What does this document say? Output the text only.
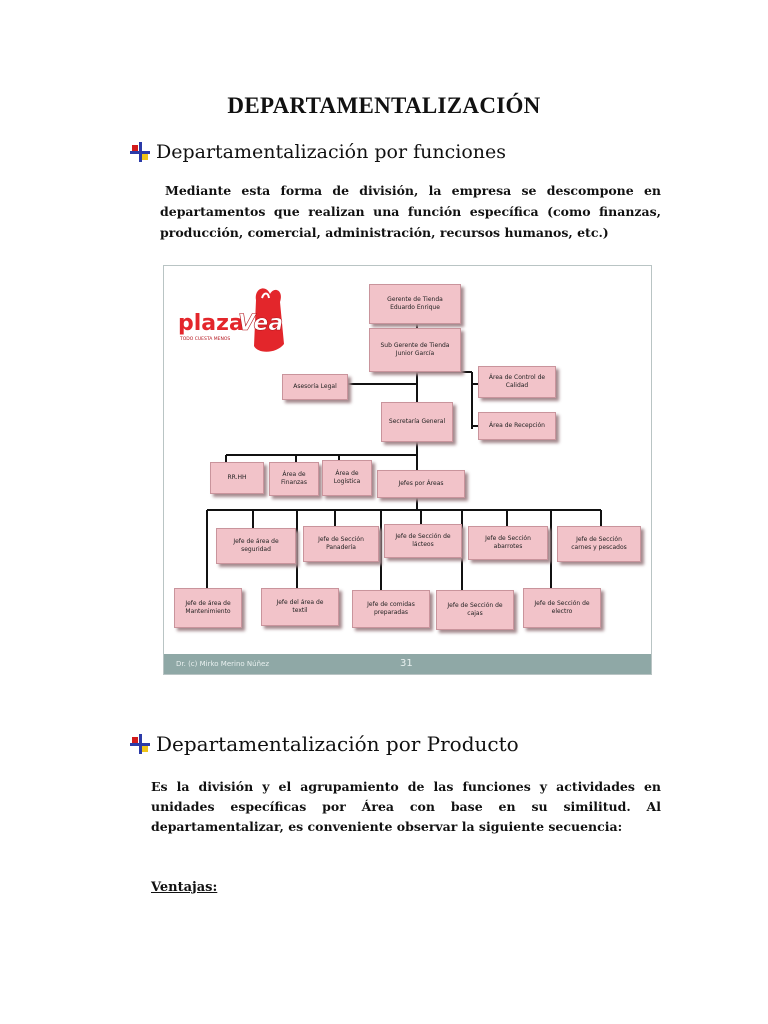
DEPARTAMENTALIZACIÓN
Departamentalización por funciones
Mediante esta forma de división, la empresa se descompone en departamentos que realizan una función específica (como finanzas, producción, comercial, administración, recursos humanos, etc.)
plaza
Vea
TODO CUESTA MENOS
Gerente de Tienda
Eduardo Enrique
Sub Gerente de Tienda
Junior García
Asesoría Legal
Área de Control de
Calidad
Área de Recepción
Secretaría General
RR.HH	Área de
Finanzas
Área de
Logística	Jefes por Áreas
Jefe de área de
seguridad
Jefe de Sección
Panadería
Jefe de Sección de
lácteos
Jefe de Sección
abarrotes
Jefe de Sección
carnes y pescados
Jefe de área de
Mantenimiento
Jefe del área de
textil
Jefe de comidas
preparadas
Jefe de Sección de
cajas
Jefe de Sección de
electro
Dr. (c) Mirko Merino Núñez	31
Departamentalización por Producto
Es la división y el agrupamiento de las funciones y actividades en unidades específicas por Área con base en su similitud. Al departamentalizar, es conveniente observar la siguiente secuencia:
Ventajas:
